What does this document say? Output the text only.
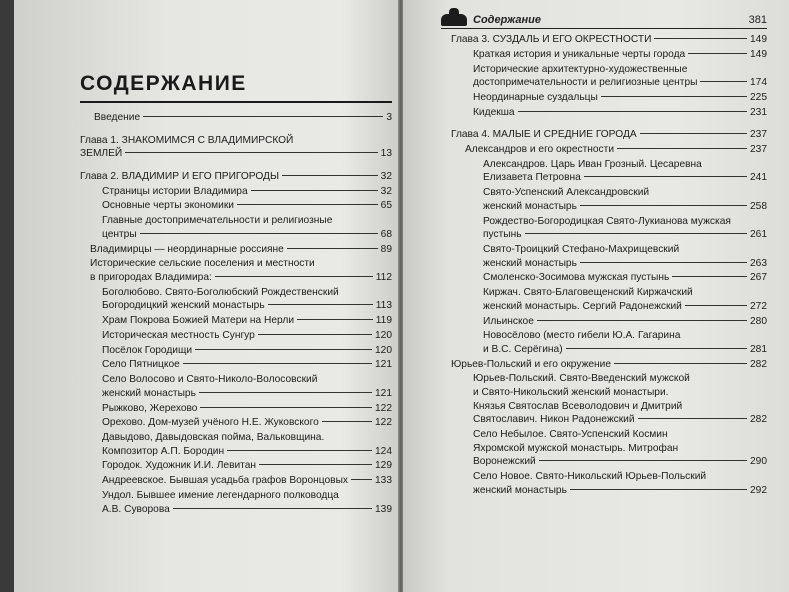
СОДЕРЖАНИЕ
Введение	3
Глава 1. ЗНАКОМИМСЯ С ВЛАДИМИРСКОЙ
ЗЕМЛЕЙ	13
Глава 2. ВЛАДИМИР И ЕГО ПРИГОРОДЫ	32
Страницы истории Владимира	32
Основные черты экономики	65
Главные достопримечательности и религиозные
центры	68
Владимирцы — неординарные россияне	89
Исторические сельские поселения и местности
в пригородах Владимира:	112
Боголюбово. Свято-Боголюбский Рождественский
Богородицкий женский монастырь	113
Храм Покрова Божией Матери на Нерли	119
Историческая местность Сунгур	120
Посёлок Городищи	120
Село Пятницкое	121
Село Волосово и Свято-Николо-Волосовский
женский монастырь	121
Рыжково, Жерехово	122
Орехово. Дом-музей учёного Н.Е. Жуковского	122
Давыдово, Давыдовская пойма, Вальковщина.
Композитор А.П. Бородин	124
Городок. Художник И.И. Левитан	129
Андреевское. Бывшая усадьба графов Воронцовых	133
Ундол. Бывшее имение легендарного полководца
А.В. Суворова	139
Содержание	381
Глава 3. СУЗДАЛЬ И ЕГО ОКРЕСТНОСТИ	149
Краткая история и уникальные черты города	149
Исторические архитектурно-художественные
достопримечательности и религиозные центры	174
Неординарные суздальцы	225
Кидекша	231
Глава 4. МАЛЫЕ И СРЕДНИЕ ГОРОДА	237
Александров и его окрестности	237
Александров. Царь Иван Грозный. Цесаревна
Елизавета Петровна	241
Свято-Успенский Александровский
женский монастырь	258
Рождество-Богородицкая Свято-Лукианова мужская
пустынь	261
Свято-Троицкий Стефано-Махрищевский
женский монастырь	263
Смоленско-Зосимова мужская пустынь	267
Киржач. Свято-Благовещенский Киржачский
женский монастырь. Сергий Радонежский	272
Ильинское	280
Новосёлово (место гибели Ю.А. Гагарина
и В.С. Серёгина)	281
Юрьев-Польский и его окружение	282
Юрьев-Польский. Свято-Введенский мужской
и Свято-Никольский женский монастыри.
Князья Святослав Всеволодович и Дмитрий
Святославич. Никон Радонежский	282
Село Небылое. Свято-Успенский Космин
Яхромской мужской монастырь. Митрофан
Воронежский	290
Село Новое. Свято-Никольский Юрьев-Польский
женский монастырь	292
